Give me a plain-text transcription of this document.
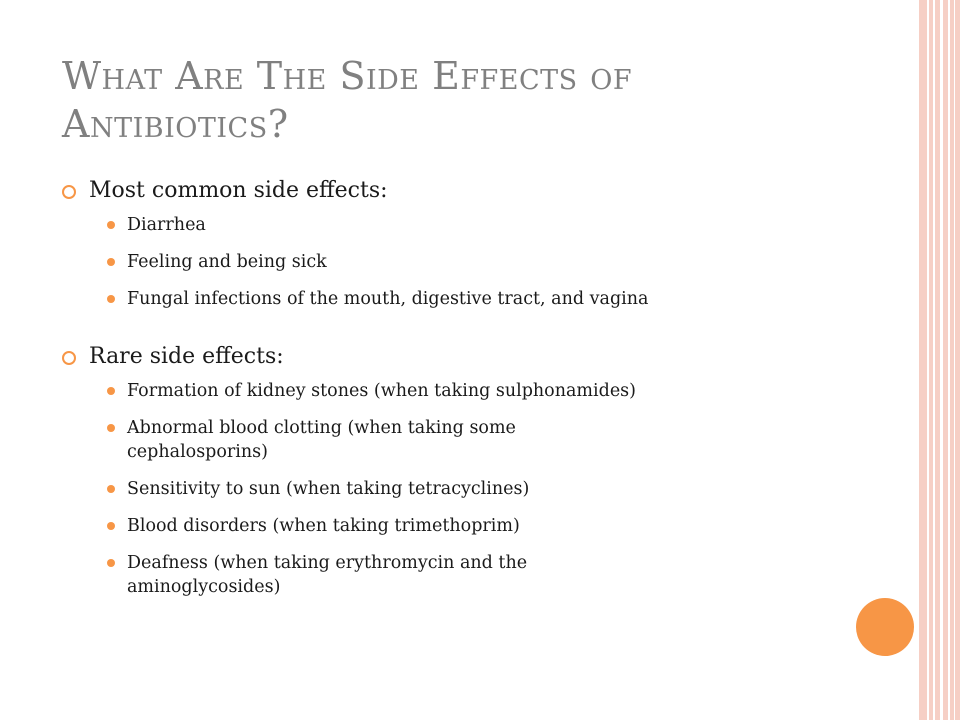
What Are The Side Effects of Antibiotics?
Most common side effects:
Diarrhea
Feeling and being sick
Fungal infections of the mouth, digestive tract, and vagina
Rare side effects:
Formation of kidney stones (when taking sulphonamides)
Abnormal blood clotting (when taking some cephalosporins)
Sensitivity to sun (when taking tetracyclines)
Blood disorders (when taking trimethoprim)
Deafness (when taking erythromycin and the aminoglycosides)
